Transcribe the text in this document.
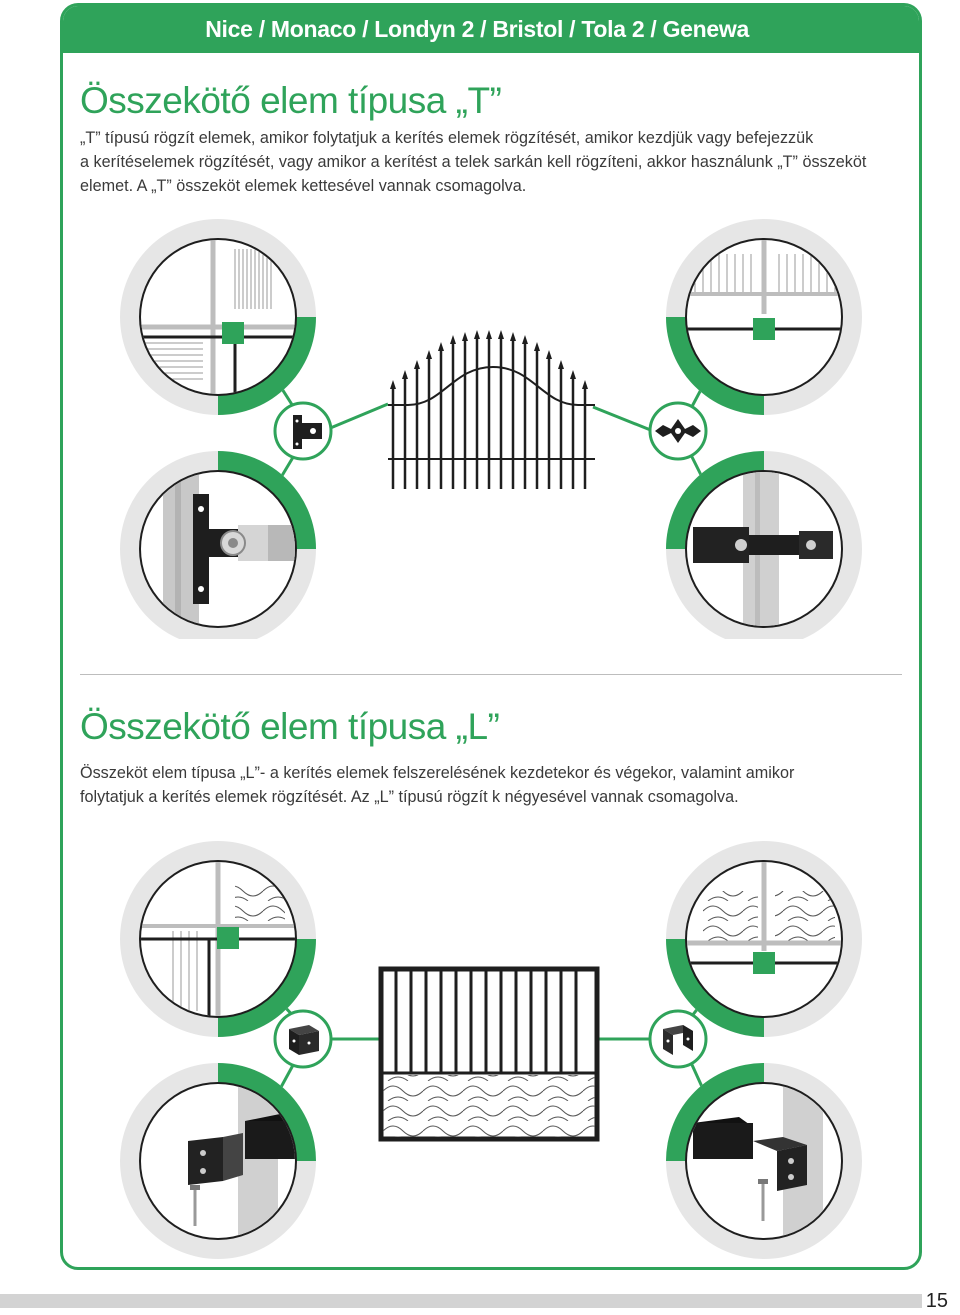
Nice / Monaco / Londyn 2 / Bristol / Tola 2 / Genewa
Összekötő elem típusa „T”

„T” típusú rögzít elemek, amikor folytatjuk a kerítés elemek rögzítését, amikor kezdjük vagy befejezzük
a kerítéselemek rögzítését, vagy amikor a kerítést a telek sarkán kell rögzíteni, akkor használunk „T” összeköt
elemet. A „T” összeköt elemek kettesével vannak csomagolva.

Összekötő elem típusa „L”

Összeköt elem típusa „L”- a kerítés elemek felszerelésének kezdetekor és végekor, valamint amikor
folytatjuk a kerítés elemek rögzítését. Az „L” típusú rögzít k négyesével vannak csomagolva.

15
